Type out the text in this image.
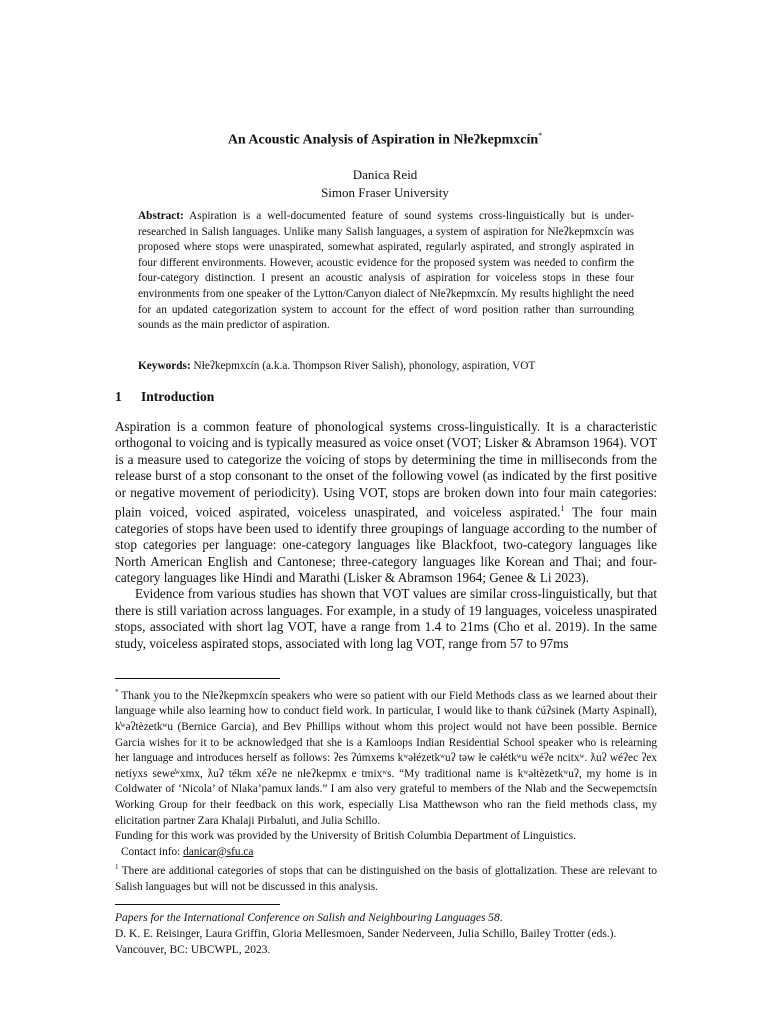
An Acoustic Analysis of Aspiration in Nłeʔkepmxcín*
Danica Reid
Simon Fraser University
Abstract: Aspiration is a well-documented feature of sound systems cross-linguistically but is under-researched in Salish languages. Unlike many Salish languages, a system of aspiration for Nłeʔkepmxcín was proposed where stops were unaspirated, somewhat aspirated, regularly aspirated, and strongly aspirated in four different environments. However, acoustic evidence for the proposed system was needed to confirm the four-category distinction. I present an acoustic analysis of aspiration for voiceless stops in these four environments from one speaker of the Lytton/Canyon dialect of Nłeʔkepmxcín. My results highlight the need for an updated categorization system to account for the effect of word position rather than surrounding sounds as the main predictor of aspiration.
Keywords: Nłeʔkepmxcín (a.k.a. Thompson River Salish), phonology, aspiration, VOT
1 Introduction

Aspiration is a common feature of phonological systems cross-linguistically. It is a characteristic orthogonal to voicing and is typically measured as voice onset (VOT; Lisker & Abramson 1964). VOT is a measure used to categorize the voicing of stops by determining the time in milliseconds from the release burst of a stop consonant to the onset of the following vowel (as indicated by the first positive or negative movement of periodicity). Using VOT, stops are broken down into four main categories: plain voiced, voiced aspirated, voiceless unaspirated, and voiceless aspirated.$^1$ The four main categories of stops have been used to identify three groupings of language according to the number of stop categories per language: one-category languages like Blackfoot, two-category languages like North American English and Cantonese; three-category languages like Korean and Thai; and four-category languages like Hindi and Marathi (Lisker & Abramson 1964; Genee & Li 2023).

Evidence from various studies has shown that VOT values are similar cross-linguistically, but that there is still variation across languages. For example, in a study of 19 languages, voiceless unaspirated stops, associated with short lag VOT, have a range from 1.4 to 21ms (Cho et al. 2019). In the same study, voiceless aspirated stops, associated with long lag VOT, range from 57 to 97ms

* Thank you to the Nłeʔkepmxcín speakers who were so patient with our Field Methods class as we learned about their language while also learning how to conduct field work. In particular, I would like to thank ċúʔsinek (Marty Aspinall), k̓ʷəʔtèzetkʷu (Bernice Garcia), and Bev Phillips without whom this project would not have been possible. Bernice Garcia wishes for it to be acknowledged that she is a Kamloops Indian Residential School speaker who is relearning her language and introduces herself as follows: ʔes ʔúmxems kʷəłézetkʷuʔ təw łe cəłétkʷu wéʔe ncitxʷ. ƛuʔ wéʔec ʔex netíyxs sewe̓ʷxmx, ƛuʔ tékm xéʔe ne nłeʔkepmx e tmixʷs. “My traditional name is kʷəłtèzetkʷuʔ, my home is in Coldwater of ‘Nicola’ of Nlaka’pamux lands.” I am also very grateful to members of the Nłab and the Secwepemctsín Working Group for their feedback on this work, especially Lisa Matthewson who ran the field methods class, my elicitation partner Zara Khalaji Pirbaluti, and Julia Schillo.

Funding for this work was provided by the University of British Columbia Department of Linguistics.

Contact info: danicar@sfu.ca

$^1$ There are additional categories of stops that can be distinguished on the basis of glottalization. These are relevant to Salish languages but will not be discussed in this analysis.

Papers for the International Conference on Salish and Neighbouring Languages 58.

D. K. E. Reisinger, Laura Griffin, Gloria Mellesmoen, Sander Nederveen, Julia Schillo, Bailey Trotter (eds.). Vancouver, BC: UBCWPL, 2023.
